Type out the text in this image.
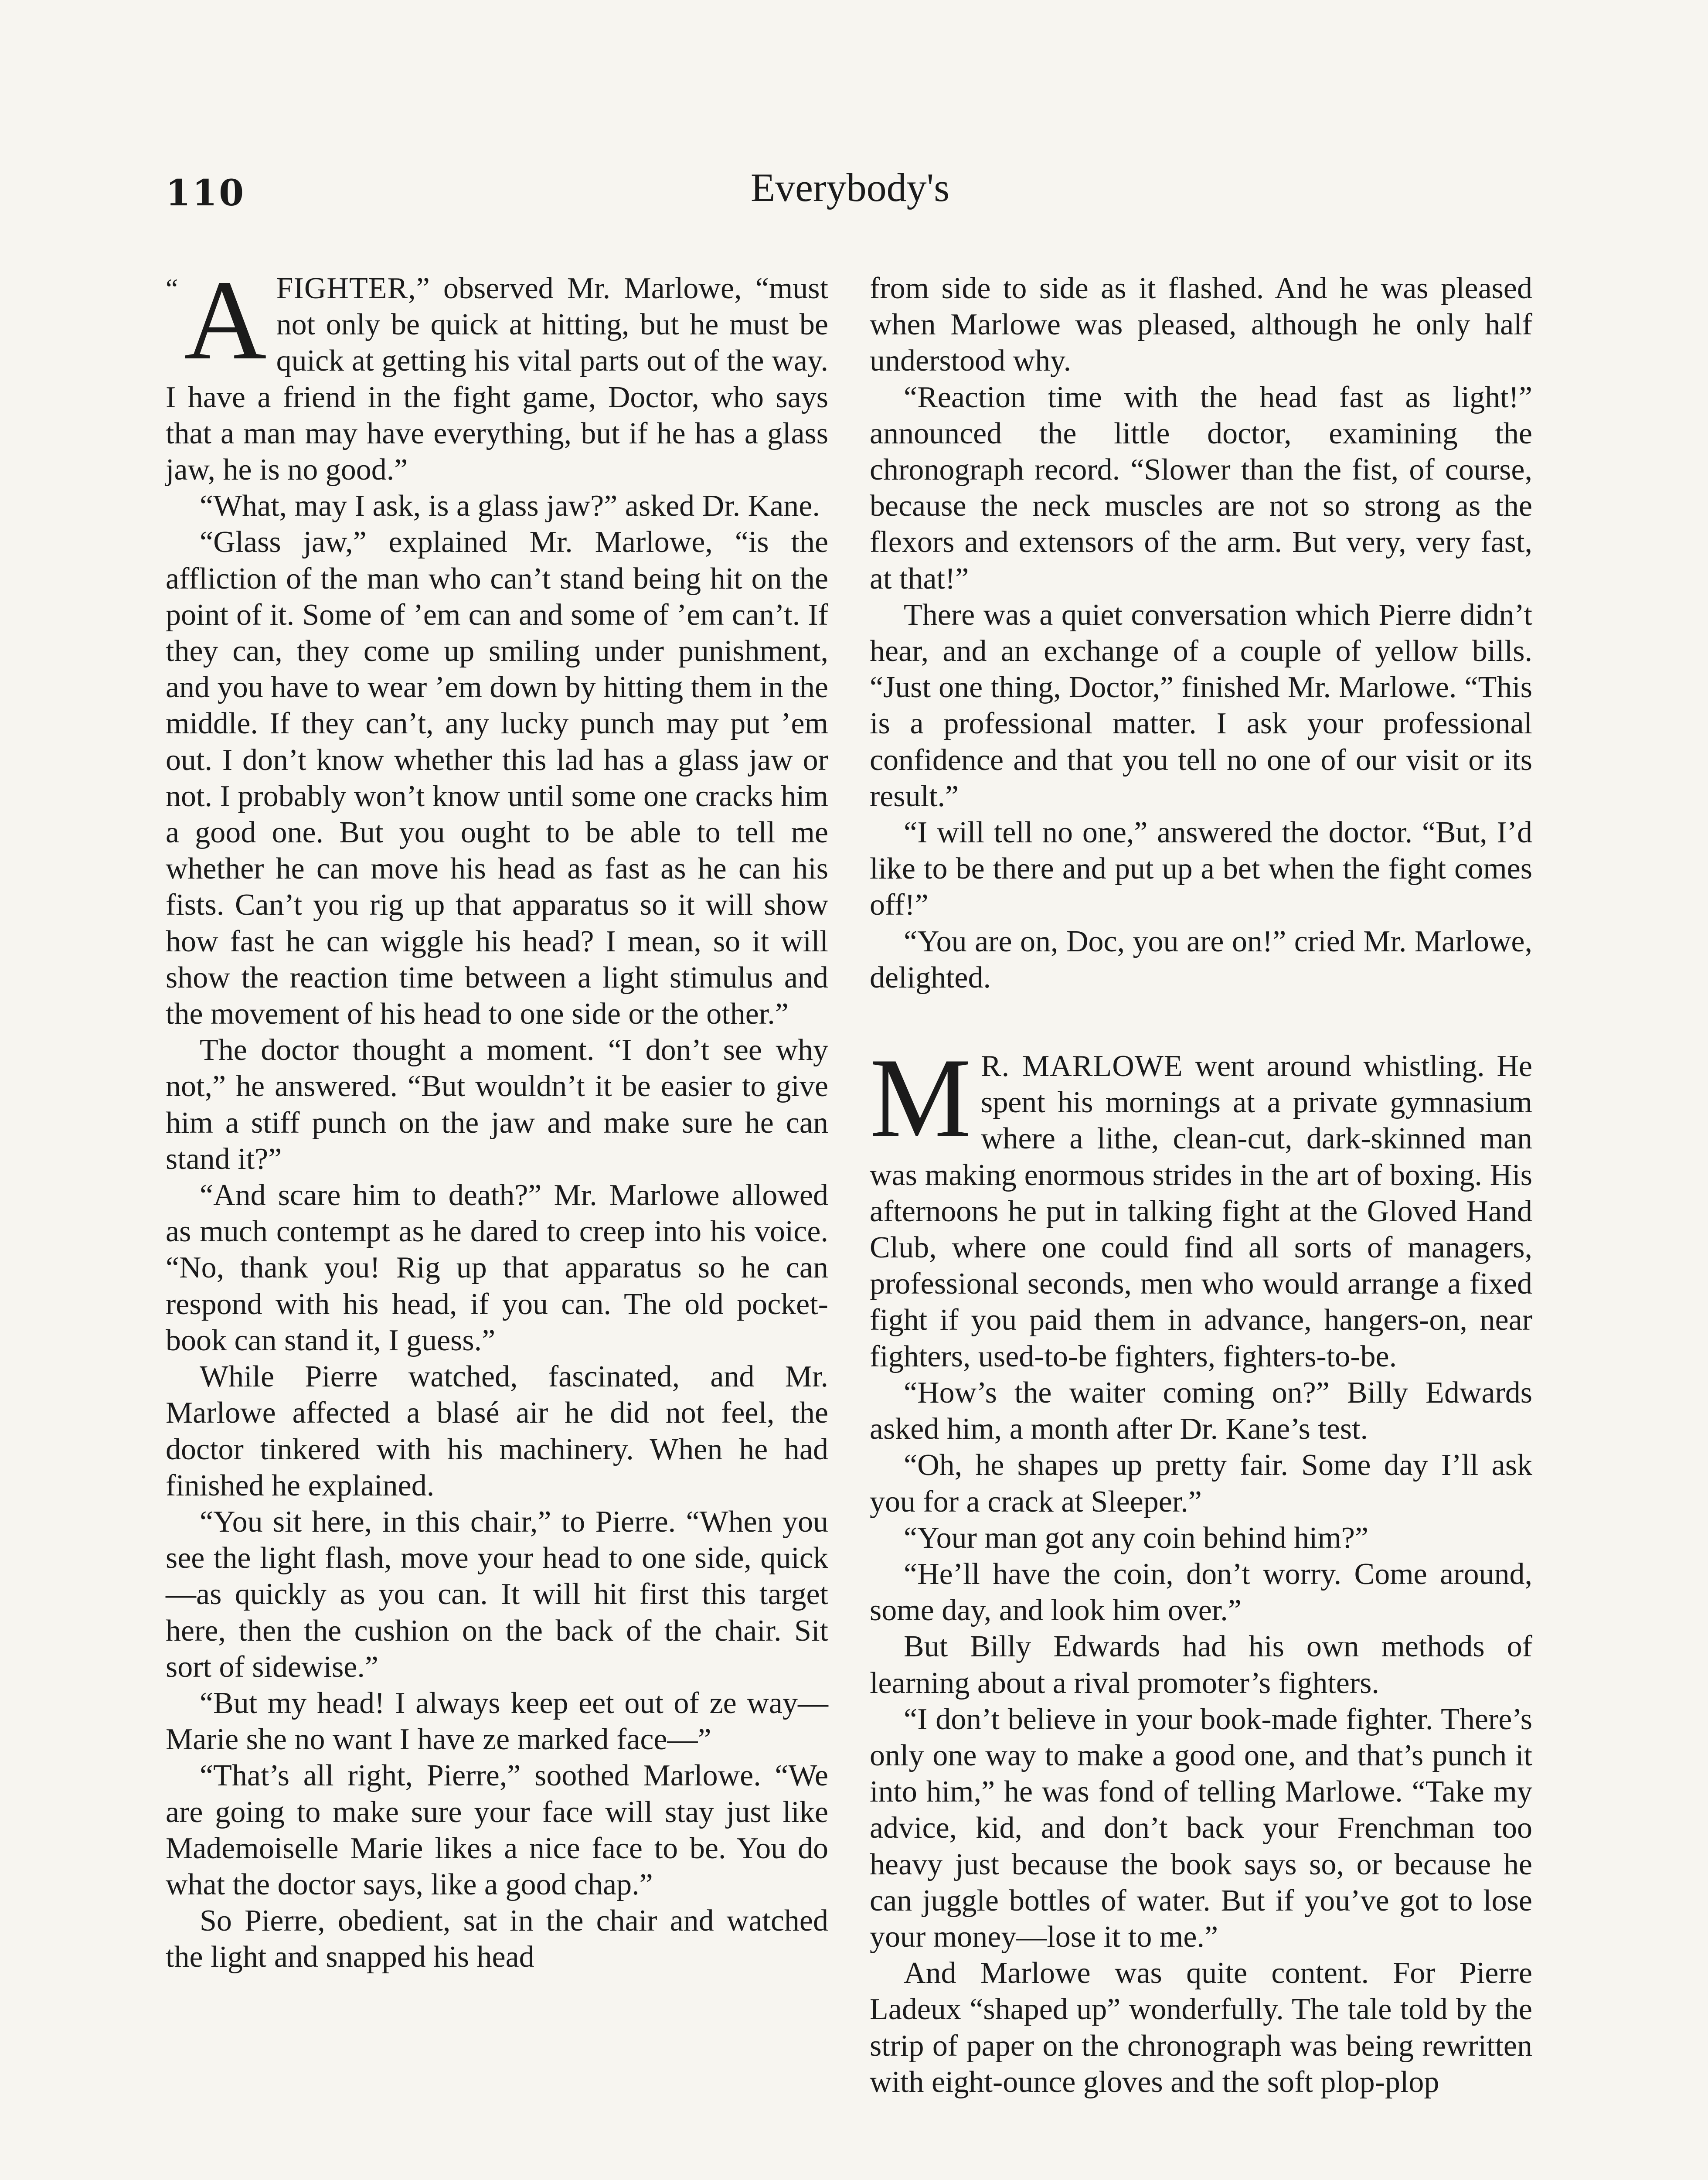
110	Everybody's

“ A FIGHTER,” observed Mr. Marlowe, “must not only be quick at hitting, but he must be quick at getting his vital parts out of the way. I have a friend in the fight game, Doctor, who says that a man may have everything, but if he has a glass jaw, he is no good.”

“What, may I ask, is a glass jaw?” asked Dr. Kane.

“Glass jaw,” explained Mr. Marlowe, “is the affliction of the man who can’t stand being hit on the point of it. Some of ’em can and some of ’em can’t. If they can, they come up smiling under punishment, and you have to wear ’em down by hitting them in the middle. If they can’t, any lucky punch may put ’em out. I don’t know whether this lad has a glass jaw or not. I probably won’t know until some one cracks him a good one. But you ought to be able to tell me whether he can move his head as fast as he can his fists. Can’t you rig up that apparatus so it will show how fast he can wiggle his head? I mean, so it will show the reaction time between a light stimulus and the movement of his head to one side or the other.”

The doctor thought a moment. “I don’t see why not,” he answered. “But wouldn’t it be easier to give him a stiff punch on the jaw and make sure he can stand it?”

“And scare him to death?” Mr. Marlowe allowed as much contempt as he dared to creep into his voice. “No, thank you! Rig up that apparatus so he can respond with his head, if you can. The old pocket-book can stand it, I guess.”

While Pierre watched, fascinated, and Mr. Marlowe affected a blasé air he did not feel, the doctor tinkered with his machinery. When he had finished he explained.

“You sit here, in this chair,” to Pierre. “When you see the light flash, move your head to one side, quick—as quickly as you can. It will hit first this target here, then the cushion on the back of the chair. Sit sort of sidewise.”

“But my head! I always keep eet out of ze way—Marie she no want I have ze marked face—”

“That’s all right, Pierre,” soothed Marlowe. “We are going to make sure your face will stay just like Mademoiselle Marie likes a nice face to be. You do what the doctor says, like a good chap.”

So Pierre, obedient, sat in the chair and watched the light and snapped his head

from side to side as it flashed. And he was pleased when Marlowe was pleased, although he only half understood why.

“Reaction time with the head fast as light!” announced the little doctor, examining the chronograph record. “Slower than the fist, of course, because the neck muscles are not so strong as the flexors and extensors of the arm. But very, very fast, at that!”

There was a quiet conversation which Pierre didn’t hear, and an exchange of a couple of yellow bills. “Just one thing, Doctor,” finished Mr. Marlowe. “This is a professional matter. I ask your professional confidence and that you tell no one of our visit or its result.”

“I will tell no one,” answered the doctor. “But, I’d like to be there and put up a bet when the fight comes off!”

“You are on, Doc, you are on!” cried Mr. Marlowe, delighted.

M R. MARLOWE went around whistling. He spent his mornings at a private gymnasium where a lithe, clean-cut, dark-skinned man was making enormous strides in the art of boxing. His afternoons he put in talking fight at the Gloved Hand Club, where one could find all sorts of managers, professional seconds, men who would arrange a fixed fight if you paid them in advance, hangers-on, near fighters, used-to-be fighters, fighters-to-be.

“How’s the waiter coming on?” Billy Edwards asked him, a month after Dr. Kane’s test.

“Oh, he shapes up pretty fair. Some day I’ll ask you for a crack at Sleeper.”

“Your man got any coin behind him?”

“He’ll have the coin, don’t worry. Come around, some day, and look him over.”

But Billy Edwards had his own methods of learning about a rival promoter’s fighters.

“I don’t believe in your book-made fighter. There’s only one way to make a good one, and that’s punch it into him,” he was fond of telling Marlowe. “Take my advice, kid, and don’t back your Frenchman too heavy just because the book says so, or because he can juggle bottles of water. But if you’ve got to lose your money—lose it to me.”

And Marlowe was quite content. For Pierre Ladeux “shaped up” wonderfully. The tale told by the strip of paper on the chronograph was being rewritten with eight-ounce gloves and the soft plop-plop
